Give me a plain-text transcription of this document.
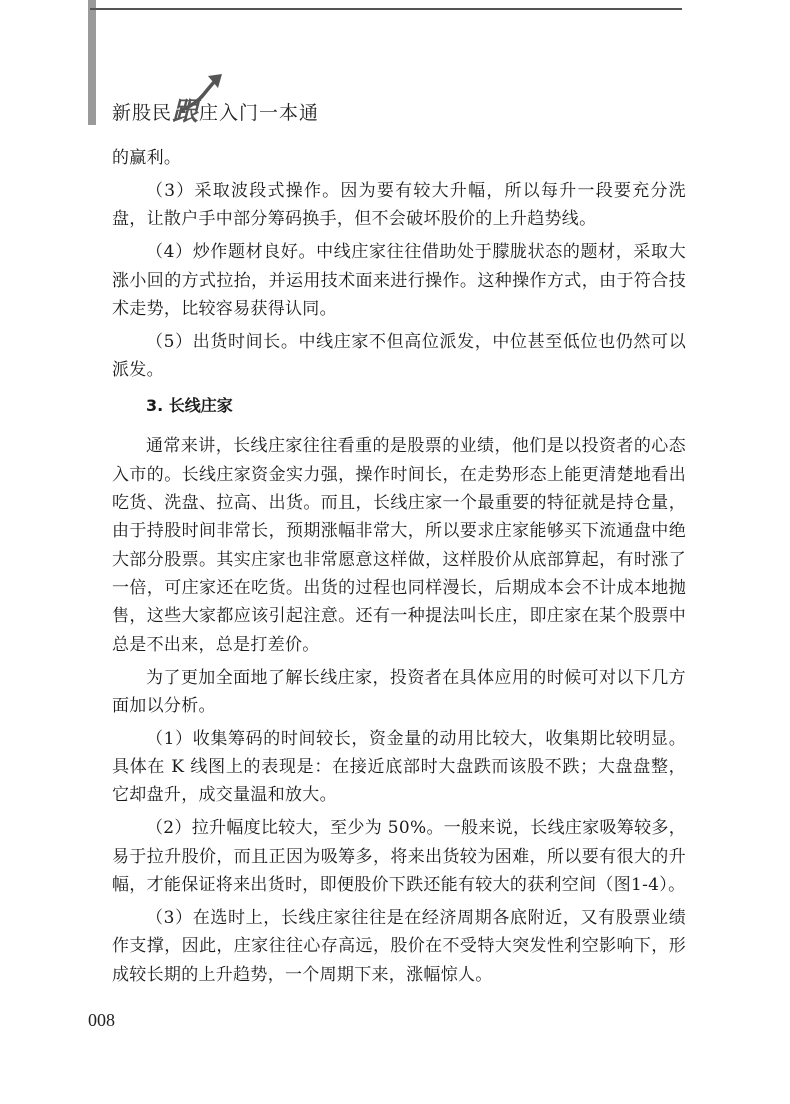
新股民跟庄入门一本通

的赢利。

（3）采取波段式操作。因为要有较大升幅，所以每升一段要充分洗盘，让散户手中部分筹码换手，但不会破坏股价的上升趋势线。

（4）炒作题材良好。中线庄家往往借助处于朦胧状态的题材，采取大涨小回的方式拉抬，并运用技术面来进行操作。这种操作方式，由于符合技术走势，比较容易获得认同。

（5）出货时间长。中线庄家不但高位派发，中位甚至低位也仍然可以派发。

3. 长线庄家

通常来讲，长线庄家往往看重的是股票的业绩，他们是以投资者的心态入市的。长线庄家资金实力强，操作时间长，在走势形态上能更清楚地看出吃货、洗盘、拉高、出货。而且，长线庄家一个最重要的特征就是持仓量，由于持股时间非常长，预期涨幅非常大，所以要求庄家能够买下流通盘中绝大部分股票。其实庄家也非常愿意这样做，这样股价从底部算起，有时涨了一倍，可庄家还在吃货。出货的过程也同样漫长，后期成本会不计成本地抛售，这些大家都应该引起注意。还有一种提法叫长庄，即庄家在某个股票中总是不出来，总是打差价。

为了更加全面地了解长线庄家，投资者在具体应用的时候可对以下几方面加以分析。

（1）收集筹码的时间较长，资金量的动用比较大，收集期比较明显。具体在 K 线图上的表现是：在接近底部时大盘跌而该股不跌；大盘盘整，它却盘升，成交量温和放大。

（2）拉升幅度比较大，至少为 50%。一般来说，长线庄家吸筹较多，易于拉升股价，而且正因为吸筹多，将来出货较为困难，所以要有很大的升幅，才能保证将来出货时，即便股价下跌还能有较大的获利空间（图1-4）。

（3）在选时上，长线庄家往往是在经济周期各底附近，又有股票业绩作支撑，因此，庄家往往心存高远，股价在不受特大突发性利空影响下，形成较长期的上升趋势，一个周期下来，涨幅惊人。

008
